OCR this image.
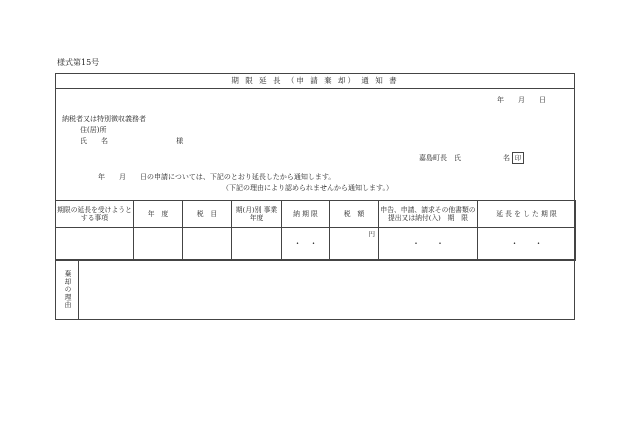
様式第15号
期 限 延 長 （申 請 棄 却） 通 知 書
年　　月　　日
納税者又は特別徴収義務者
住(居)所
氏　　名	様
嘉島町長　氏　　　　　　名 印
年　　月　　日の申請については、下記のとおり延長したから通知します。
（下記の理由により認められませんから通知します。）
期限の延長を受けようとする事項	年　度	税　目	期(月)別 事業年度	納 期 限	税　額	申告、申請、請求その他書類の提出又は納付(入)　期　限	延 長 を し た 期 限
				・　・	円	・　　・	・　　・
棄却の理由
